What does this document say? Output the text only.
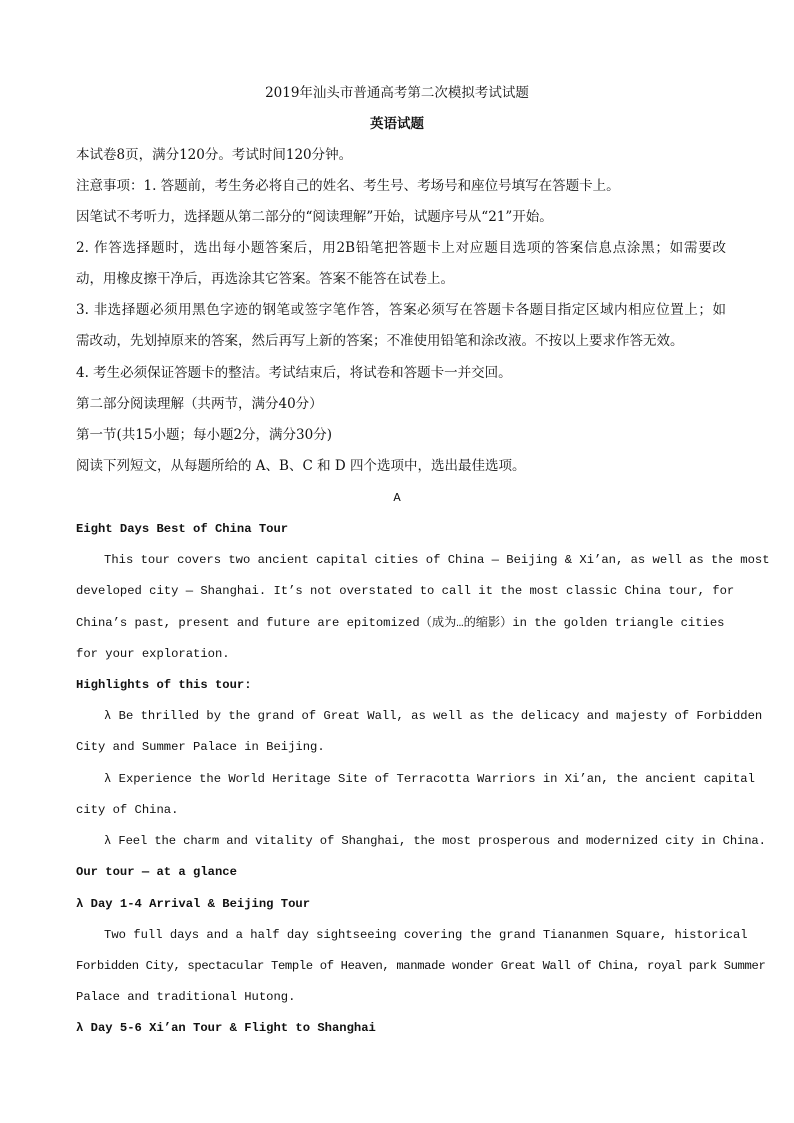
2019年汕头市普通高考第二次模拟考试试题
英语试题
本试卷8页，满分120分。考试时间120分钟。
注意事项：1. 答题前，考生务必将自己的姓名、考生号、考场号和座位号填写在答题卡上。
因笔试不考听力，选择题从第二部分的“阅读理解”开始，试题序号从“21”开始。
2. 作答选择题时，选出每小题答案后，用2B铅笔把答题卡上对应题目选项的答案信息点涂黑；如需要改
动，用橡皮擦干净后，再选涂其它答案。答案不能答在试卷上。
3. 非选择题必须用黑色字迹的钢笔或签字笔作答，答案必须写在答题卡各题目指定区域内相应位置上；如
需改动，先划掉原来的答案，然后再写上新的答案；不准使用铅笔和涂改液。不按以上要求作答无效。
4. 考生必须保证答题卡的整洁。考试结束后，将试卷和答题卡一并交回。
第二部分阅读理解（共两节，满分40分）
第一节(共15小题；每小题2分，满分30分)
阅读下列短文，从每题所给的 A、B、C 和 D 四个选项中，选出最佳选项。
A
Eight Days Best of China Tour
This tour covers two ancient capital cities of China — Beijing & Xi’an, as well as the most
developed city — Shanghai. It’s not overstated to call it the most classic China tour, for
China’s past, present and future are epitomized（成为…的缩影）in the golden triangle cities
for your exploration.
Highlights of this tour:
λ Be thrilled by the grand of Great Wall, as well as the delicacy and majesty of Forbidden
City and Summer Palace in Beijing.
λ Experience the World Heritage Site of Terracotta Warriors in Xi’an, the ancient capital
city of China.
λ Feel the charm and vitality of Shanghai, the most prosperous and modernized city in China.
Our tour — at a glance
λ Day 1-4 Arrival & Beijing Tour
Two full days and a half day sightseeing covering the grand Tiananmen Square, historical
Forbidden City, spectacular Temple of Heaven, manmade wonder Great Wall of China, royal park Summer
Palace and traditional Hutong.
λ Day 5-6 Xi’an Tour & Flight to Shanghai
